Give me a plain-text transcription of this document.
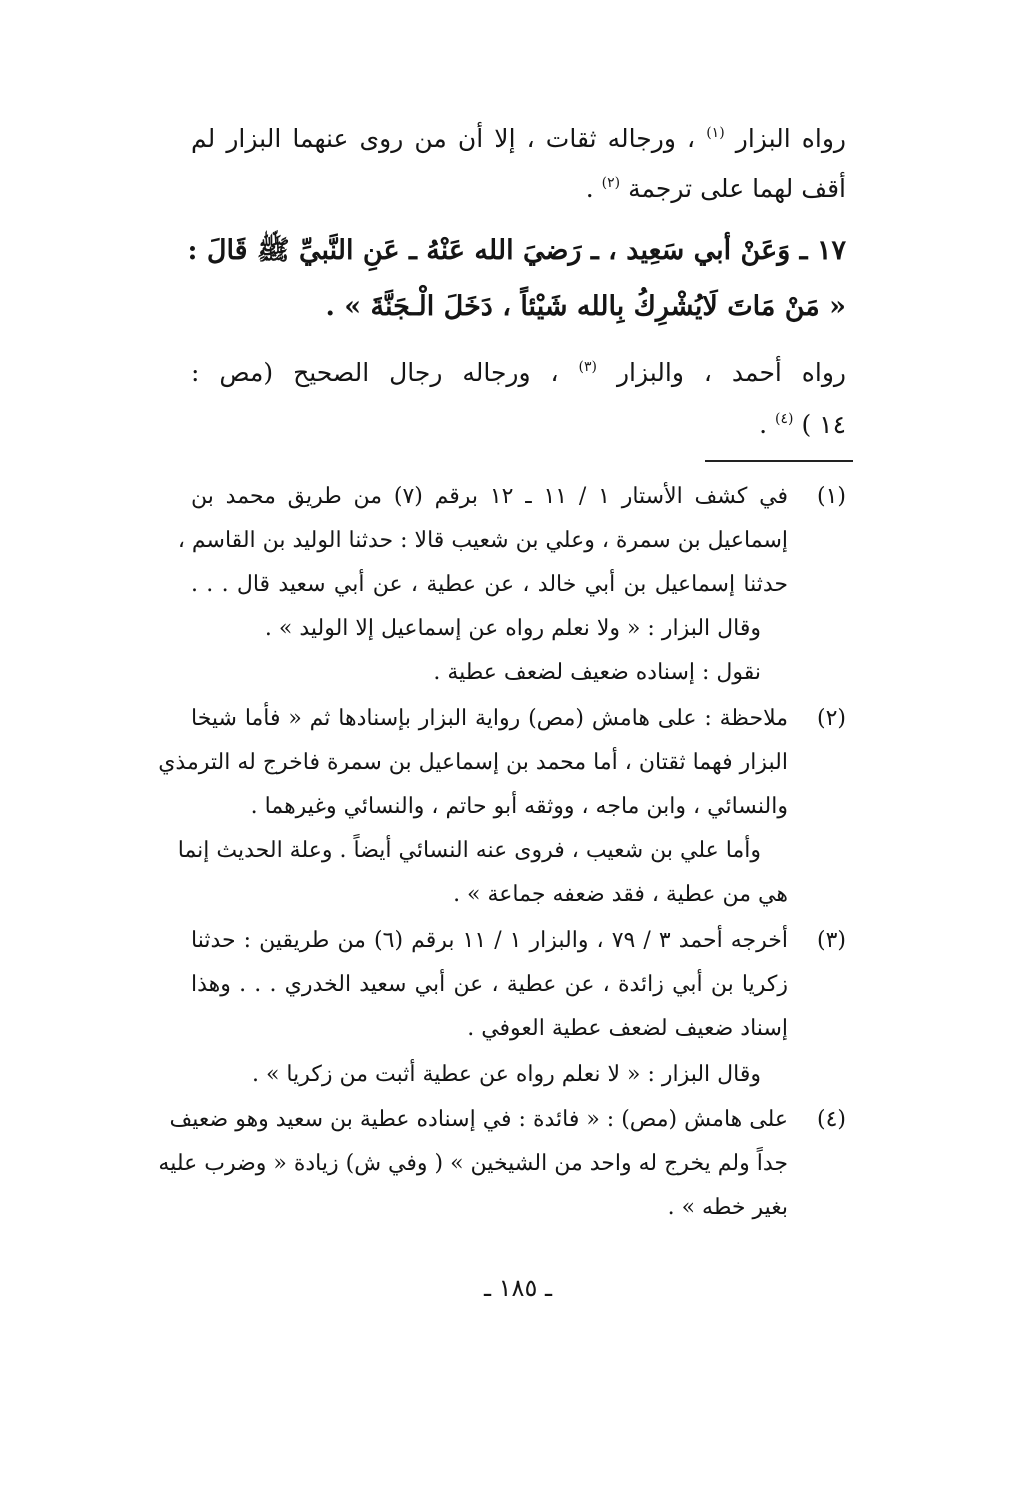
رواه البزار $^{(١)}$ ، ورجاله ثقات ، إلا أن من روى عنهما البزار لم
أقف لهما على ترجمة $^{(٢)}$ .
١٧ ـ وَعَنْ أبي سَعِيد ، ـ رَضيَ الله عَنْهُ ـ عَنِ النَّبيِّ ﷺ قَالَ :
« مَنْ مَاتَ لَايُشْرِكُ بِالله شَيْئاً ، دَخَلَ الْـجَنَّةَ » .
رواه أحمد ، والبزار $^{(٣)}$ ، ورجاله رجال الصحيح (مص :
١٤ ) $^{(٤)}$ .
(١)
في كشف الأستار ١ / ١١ ـ ١٢ برقم (٧) من طريق محمد بن
إسماعيل بن سمرة ، وعلي بن شعيب قالا : حدثنا الوليد بن القاسم ،
حدثنا إسماعيل بن أبي خالد ، عن عطية ، عن أبي سعيد قال . . .
وقال البزار : « ولا نعلم رواه عن إسماعيل إلا الوليد » .
نقول : إسناده ضعيف لضعف عطية .
(٢)
ملاحظة : على هامش (مص) رواية البزار بإسنادها ثم « فأما شيخا
البزار فهما ثقتان ، أما محمد بن إسماعيل بن سمرة فاخرج له الترمذي
والنسائي ، وابن ماجه ، ووثقه أبو حاتم ، والنسائي وغيرهما .
وأما علي بن شعيب ، فروى عنه النسائي أيضاً . وعلة الحديث إنما
هي من عطية ، فقد ضعفه جماعة » .
(٣)
أخرجه أحمد ٣ / ٧٩ ، والبزار ١ / ١١ برقم (٦) من طريقين : حدثنا
زكريا بن أبي زائدة ، عن عطية ، عن أبي سعيد الخدري . . . وهذا
إسناد ضعيف لضعف عطية العوفي .
وقال البزار : « لا نعلم رواه عن عطية أثبت من زكريا » .
(٤)
على هامش (مص) : « فائدة : في إسناده عطية بن سعيد وهو ضعيف
جداً ولم يخرج له واحد من الشيخين » ( وفي ش) زيادة « وضرب عليه
بغير خطه » .
ـ ١٨٥ ـ
